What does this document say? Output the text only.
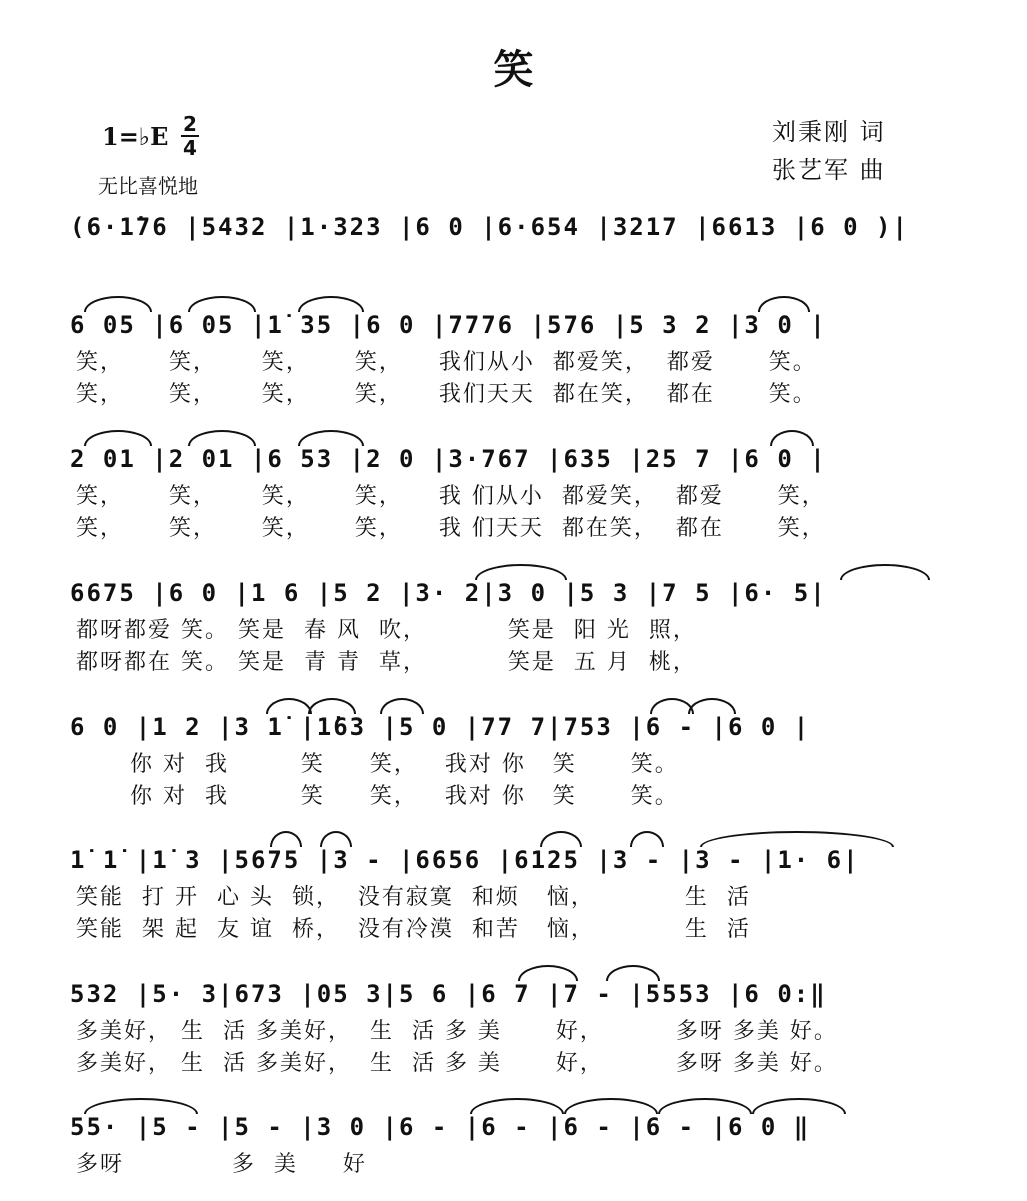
笑
1=♭E 2
4
无比喜悦地
刘秉刚 词
张艺军 曲
(6·1̇76 |5432 |1·323 |6 0 |6·654 |3217 |6613 |6 0 )|
6 05 |6 05 |1̇ 35 |6 0 |7776 |576 |5 3 2 |3 0 |
笑，     笑，     笑，     笑，    我们从小  都爱笑，  都爱      笑。
笑，     笑，     笑，     笑，    我们天天  都在笑，  都在      笑。
2 01 |2 01 |6 53 |2 0 |3·767 |635 |25 7 |6 0 |
笑，     笑，     笑，     笑，    我 们从小  都爱笑，  都爱      笑，
笑，     笑，     笑，     笑，    我 们天天  都在笑，  都在      笑，
6675 |6 0 |1 6 |5 2 |3· 2|3 0 |5 3 |7 5 |6· 5|
都呀都爱 笑。 笑是  春 风  吹，         笑是  阳 光  照，
都呀都在 笑。 笑是  青 青  草，         笑是  五 月  桃，
6 0 |1 2 |3 1̇ |1̇63 |5 0 |77 7|753 |6 - |6 0 |
你 对  我        笑     笑，   我对 你   笑      笑。
你 对  我        笑     笑，   我对 你   笑      笑。
1̇ 1̇ |1̇ 3 |5675 |3 - |6656 |6125 |3 - |3 - |1· 6|
笑能  打 开  心 头  锁，  没有寂寞  和烦   恼，          生  活
笑能  架 起  友 谊  桥，  没有冷漠  和苦   恼，          生  活
532 |5· 3|673 |05 3|5 6 |6 7 |7 - |5553 |6 0:‖
多美好， 生  活 多美好，  生  活 多 美      好，        多呀 多美 好。
多美好， 生  活 多美好，  生  活 多 美      好，        多呀 多美 好。
55· |5 - |5 - |3 0 |6 - |6 - |6 - |6 - |6 0 ‖
多呀            多  美     好
